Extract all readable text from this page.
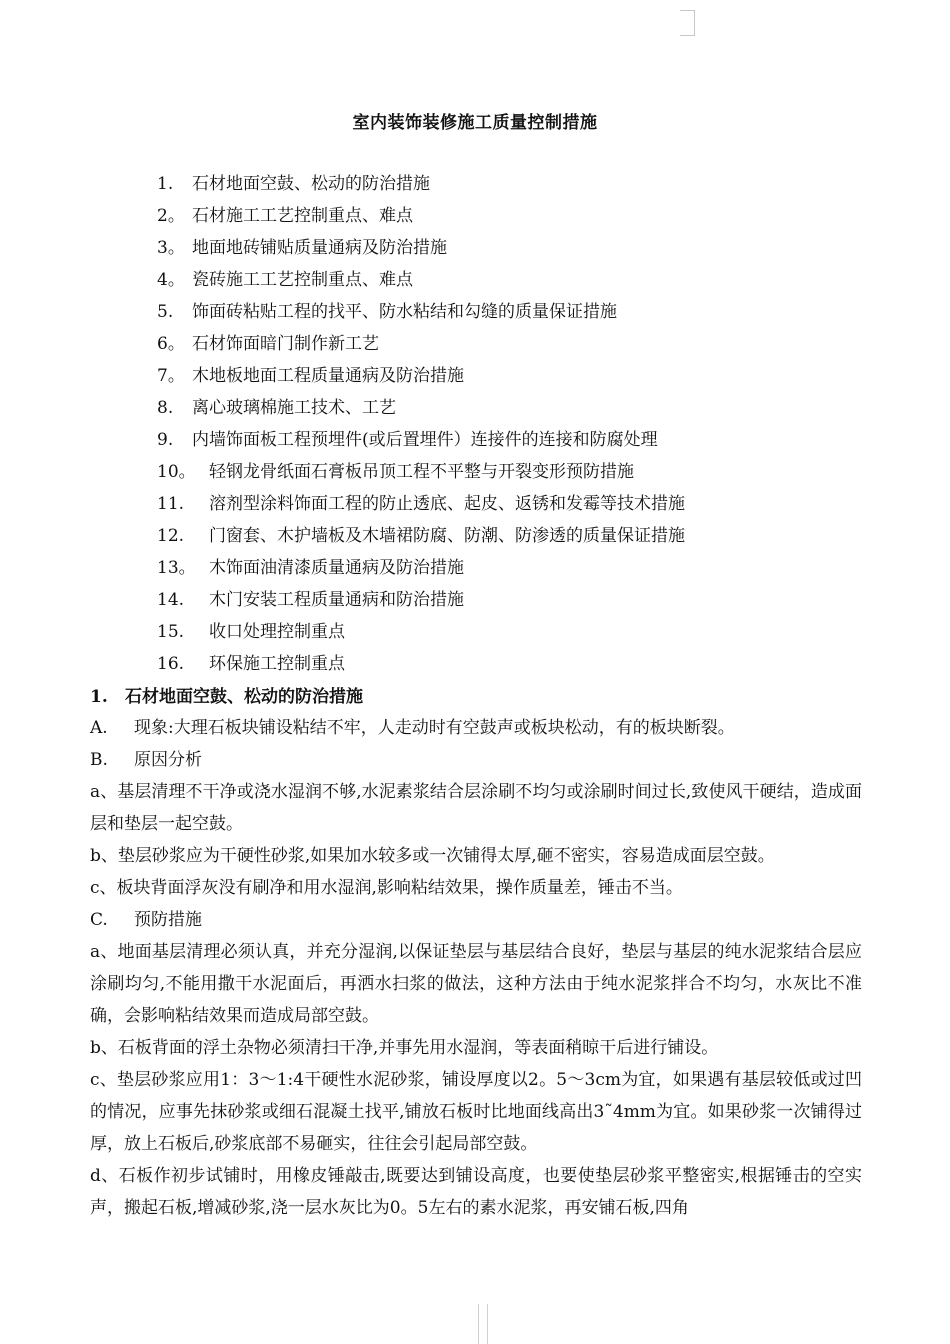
室内装饰装修施工质量控制措施
1. 石材地面空鼓、松动的防治措施
2。 石材施工工艺控制重点、难点
3。 地面地砖铺贴质量通病及防治措施
4。 瓷砖施工工艺控制重点、难点
5. 饰面砖粘贴工程的找平、防水粘结和勾缝的质量保证措施
6。 石材饰面暗门制作新工艺
7。 木地板地面工程质量通病及防治措施
8. 离心玻璃棉施工技术、工艺
9. 内墙饰面板工程预埋件(或后置埋件）连接件的连接和防腐处理
10。 轻钢龙骨纸面石膏板吊顶工程不平整与开裂变形预防措施
11. 溶剂型涂料饰面工程的防止透底、起皮、返锈和发霉等技术措施
12. 门窗套、木护墙板及木墙裙防腐、防潮、防渗透的质量保证措施
13。 木饰面油清漆质量通病及防治措施
14. 木门安装工程质量通病和防治措施
15. 收口处理控制重点
16. 环保施工控制重点

1. 石材地面空鼓、松动的防治措施

A. 现象:大理石板块铺设粘结不牢，人走动时有空鼓声或板块松动，有的板块断裂。

B. 原因分析

a、基层清理不干净或浇水湿润不够,水泥素浆结合层涂刷不均匀或涂刷时间过长,致使风干硬结，造成面层和垫层一起空鼓。

b、垫层砂浆应为干硬性砂浆,如果加水较多或一次铺得太厚,砸不密实，容易造成面层空鼓。

c、板块背面浮灰没有刷净和用水湿润,影响粘结效果，操作质量差，锤击不当。

C. 预防措施

a、地面基层清理必须认真，并充分湿润,以保证垫层与基层结合良好，垫层与基层的纯水泥浆结合层应涂刷均匀,不能用撒干水泥面后，再洒水扫浆的做法，这种方法由于纯水泥浆拌合不均匀，水灰比不准确，会影响粘结效果而造成局部空鼓。

b、石板背面的浮土杂物必须清扫干净,并事先用水湿润，等表面稍晾干后进行铺设。

c、垫层砂浆应用1：3～1:4干硬性水泥砂浆，铺设厚度以2。5～3cm为宜，如果遇有基层较低或过凹的情况，应事先抹砂浆或细石混凝土找平,铺放石板时比地面线高出3˜4mm为宜。如果砂浆一次铺得过厚，放上石板后,砂浆底部不易砸实，往往会引起局部空鼓。

d、石板作初步试铺时，用橡皮锤敲击,既要达到铺设高度，也要使垫层砂浆平整密实,根据锤击的空实声，搬起石板,增减砂浆,浇一层水灰比为0。5左右的素水泥浆，再安铺石板,四角
